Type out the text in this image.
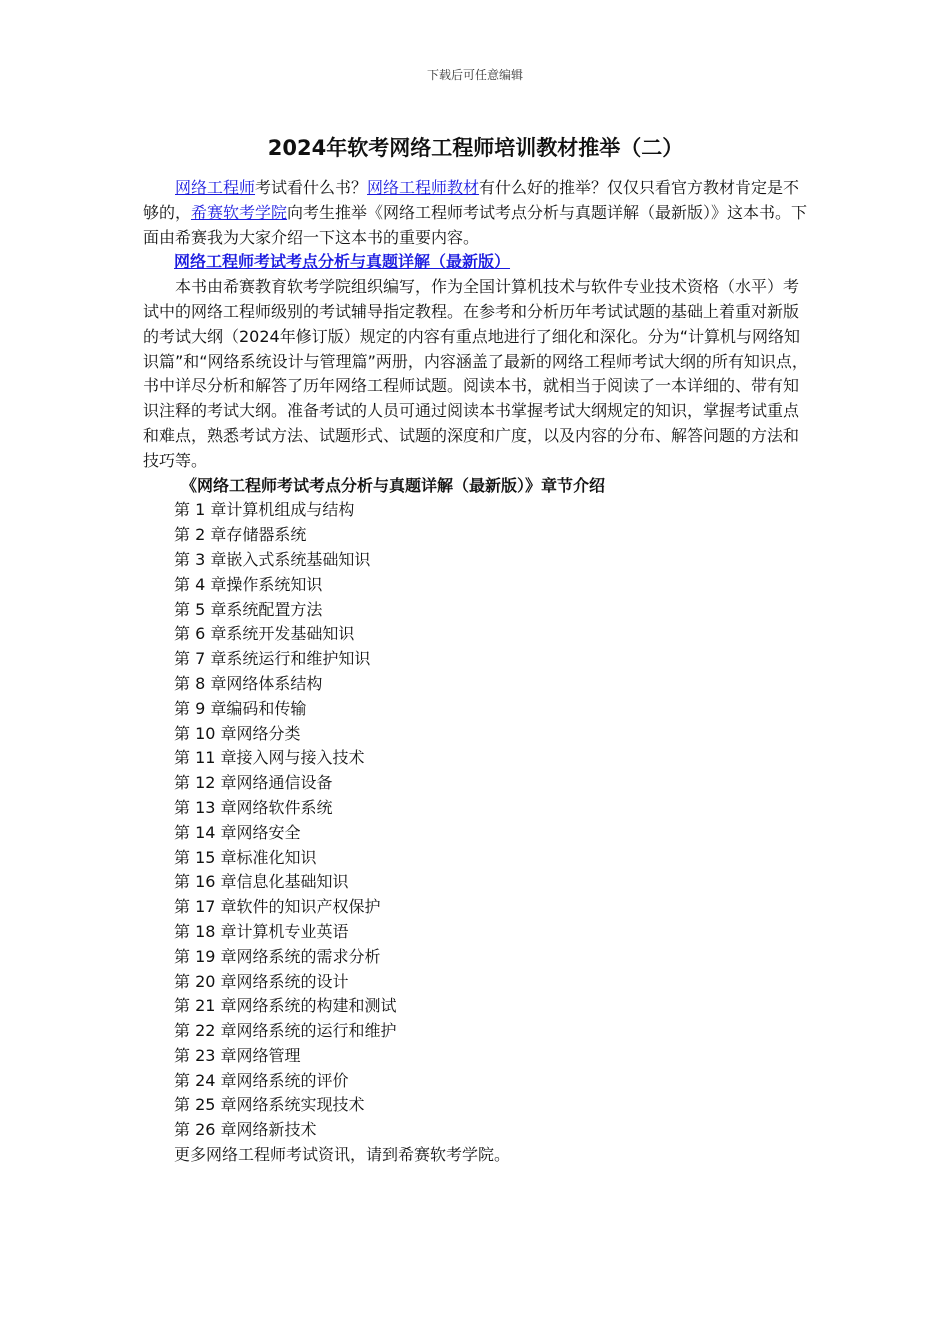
下载后可任意编辑
2024年软考网络工程师培训教材推举（二）

网络工程师考试看什么书？网络工程师教材有什么好的推举？仅仅只看官方教材肯定是不够的，希赛软考学院向考生推举《网络工程师考试考点分析与真题详解（最新版）》这本书。下面由希赛我为大家介绍一下这本书的重要内容。

网络工程师考试考点分析与真题详解（最新版）

本书由希赛教育软考学院组织编写，作为全国计算机技术与软件专业技术资格（水平）考试中的网络工程师级别的考试辅导指定教程。在参考和分析历年考试试题的基础上着重对新版的考试大纲（2024年修订版）规定的内容有重点地进行了细化和深化。分为“计算机与网络知识篇”和“网络系统设计与管理篇”两册，内容涵盖了最新的网络工程师考试大纲的所有知识点，书中详尽分析和解答了历年网络工程师试题。阅读本书，就相当于阅读了一本详细的、带有知识注释的考试大纲。准备考试的人员可通过阅读本书掌握考试大纲规定的知识，掌握考试重点和难点，熟悉考试方法、试题形式、试题的深度和广度，以及内容的分布、解答问题的方法和技巧等。

《网络工程师考试考点分析与真题详解（最新版）》章节介绍
第 1 章计算机组成与结构
第 2 章存储器系统
第 3 章嵌入式系统基础知识
第 4 章操作系统知识
第 5 章系统配置方法
第 6 章系统开发基础知识
第 7 章系统运行和维护知识
第 8 章网络体系结构
第 9 章编码和传输
第 10 章网络分类
第 11 章接入网与接入技术
第 12 章网络通信设备
第 13 章网络软件系统
第 14 章网络安全
第 15 章标准化知识
第 16 章信息化基础知识
第 17 章软件的知识产权保护
第 18 章计算机专业英语
第 19 章网络系统的需求分析
第 20 章网络系统的设计
第 21 章网络系统的构建和测试
第 22 章网络系统的运行和维护
第 23 章网络管理
第 24 章网络系统的评价
第 25 章网络系统实现技术
第 26 章网络新技术
更多网络工程师考试资讯，请到希赛软考学院。
